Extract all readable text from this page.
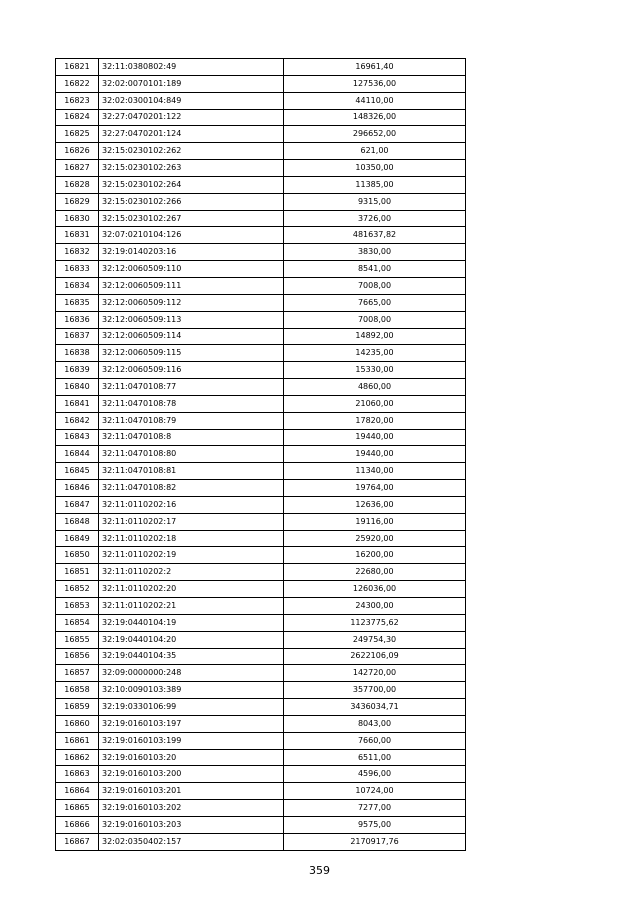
16821	32:11:0380802:49	16961,40
16822	32:02:0070101:189	127536,00
16823	32:02:0300104:849	44110,00
16824	32:27:0470201:122	148326,00
16825	32:27:0470201:124	296652,00
16826	32:15:0230102:262	621,00
16827	32:15:0230102:263	10350,00
16828	32:15:0230102:264	11385,00
16829	32:15:0230102:266	9315,00
16830	32:15:0230102:267	3726,00
16831	32:07:0210104:126	481637,82
16832	32:19:0140203:16	3830,00
16833	32:12:0060509:110	8541,00
16834	32:12:0060509:111	7008,00
16835	32:12:0060509:112	7665,00
16836	32:12:0060509:113	7008,00
16837	32:12:0060509:114	14892,00
16838	32:12:0060509:115	14235,00
16839	32:12:0060509:116	15330,00
16840	32:11:0470108:77	4860,00
16841	32:11:0470108:78	21060,00
16842	32:11:0470108:79	17820,00
16843	32:11:0470108:8	19440,00
16844	32:11:0470108:80	19440,00
16845	32:11:0470108:81	11340,00
16846	32:11:0470108:82	19764,00
16847	32:11:0110202:16	12636,00
16848	32:11:0110202:17	19116,00
16849	32:11:0110202:18	25920,00
16850	32:11:0110202:19	16200,00
16851	32:11:0110202:2	22680,00
16852	32:11:0110202:20	126036,00
16853	32:11:0110202:21	24300,00
16854	32:19:0440104:19	1123775,62
16855	32:19:0440104:20	249754,30
16856	32:19:0440104:35	2622106,09
16857	32:09:0000000:248	142720,00
16858	32:10:0090103:389	357700,00
16859	32:19:0330106:99	3436034,71
16860	32:19:0160103:197	8043,00
16861	32:19:0160103:199	7660,00
16862	32:19:0160103:20	6511,00
16863	32:19:0160103:200	4596,00
16864	32:19:0160103:201	10724,00
16865	32:19:0160103:202	7277,00
16866	32:19:0160103:203	9575,00
16867	32:02:0350402:157	2170917,76
359
